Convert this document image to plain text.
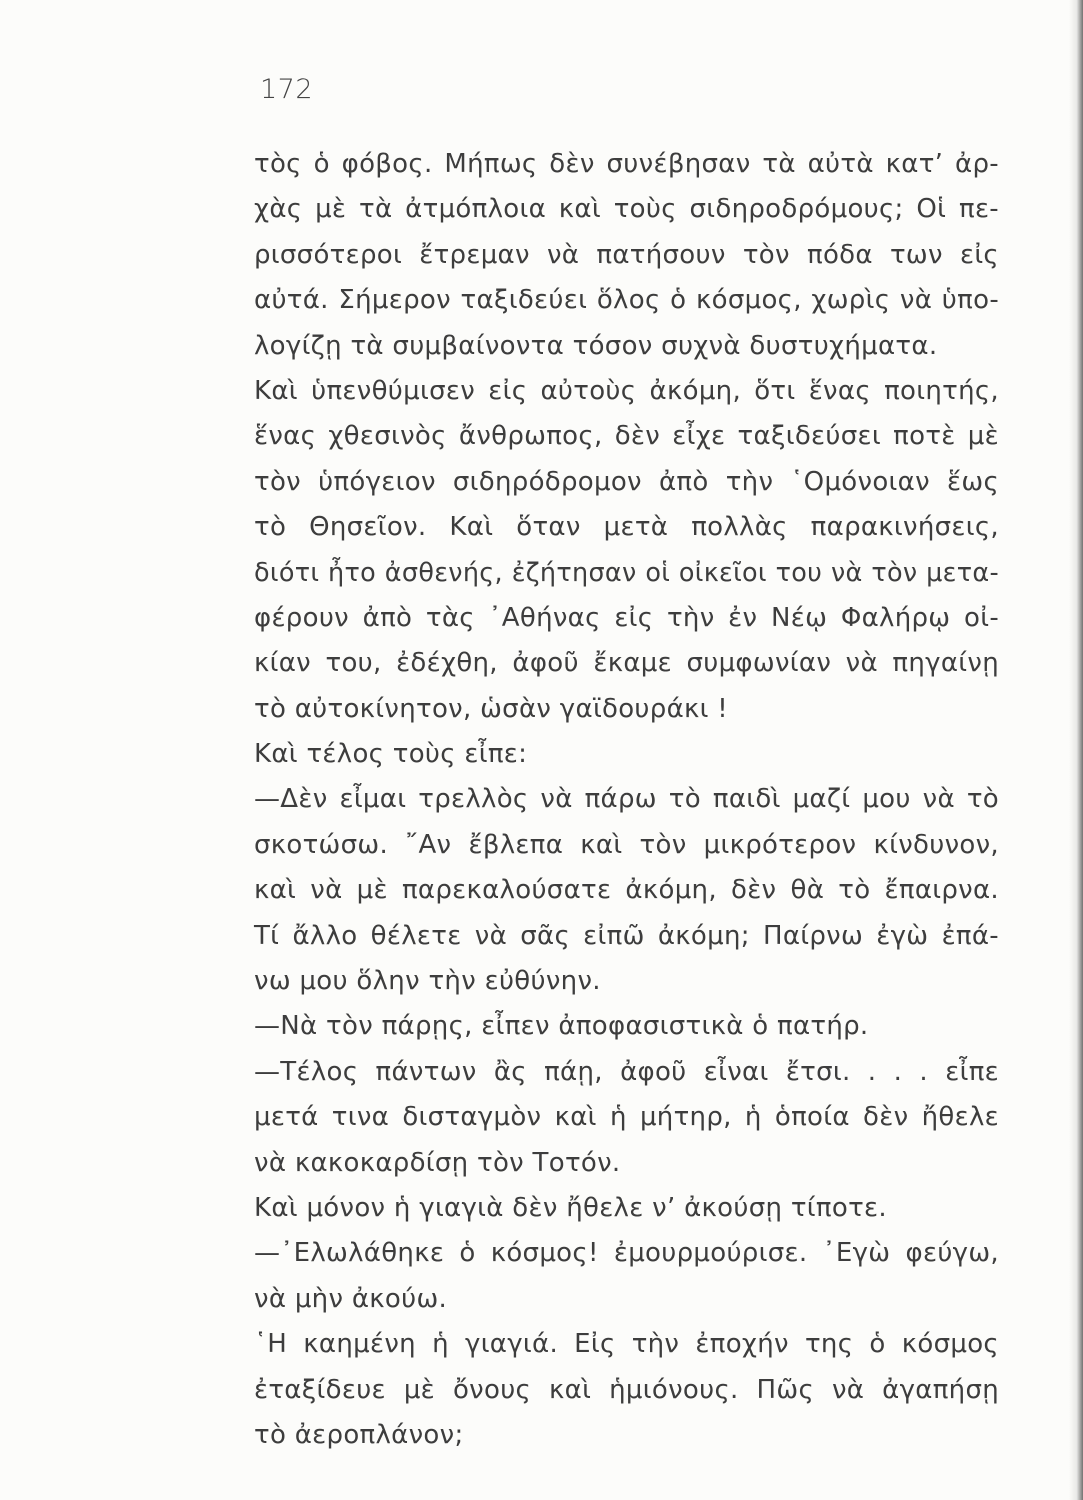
172
τὸς ὁ φόβος. Μήπως δὲν συνέβησαν τὰ αὐτὰ κατ’ ἀρ-
χὰς μὲ τὰ ἀτμόπλοια καὶ τοὺς σιδηροδρόμους; Οἱ πε-
ρισσότεροι ἔτρεμαν νὰ πατήσουν τὸν πόδα των εἰς
αὐτά. Σήμερον ταξιδεύει ὅλος ὁ κόσμος, χωρὶς νὰ ὑπο-
λογίζῃ τὰ συμβαίνοντα τόσον συχνὰ δυστυχήματα.
Καὶ ὑπενθύμισεν εἰς αὐτοὺς ἀκόμη, ὅτι ἕνας ποιητής,
ἕνας χθεσινὸς ἄνθρωπος, δὲν εἶχε ταξιδεύσει ποτὲ μὲ
τὸν ὑπόγειον σιδηρόδρομον ἀπὸ τὴν ῾Ομόνοιαν ἕως
τὸ Θησεῖον. Καὶ ὅταν μετὰ πολλὰς παρακινήσεις,
διότι ἦτο ἀσθενής, ἐζήτησαν οἱ οἰκεῖοι του νὰ τὸν μετα-
φέρουν ἀπὸ τὰς ᾿Αθήνας εἰς τὴν ἐν Νέῳ Φαλήρῳ οἰ-
κίαν του, ἐδέχθη, ἀφοῦ ἔκαμε συμφωνίαν νὰ πηγαίνῃ
τὸ αὐτοκίνητον, ὡσὰν γαϊδουράκι !
Καὶ τέλος τοὺς εἶπε:
—Δὲν εἶμαι τρελλὸς νὰ πάρω τὸ παιδὶ μαζί μου νὰ τὸ
σκοτώσω. ῎Αν ἔβλεπα καὶ τὸν μικρότερον κίνδυνον,
καὶ νὰ μὲ παρεκαλούσατε ἀκόμη, δὲν θὰ τὸ ἔπαιρνα.
Τί ἄλλο θέλετε νὰ σᾶς εἰπῶ ἀκόμη; Παίρνω ἐγὼ ἐπά-
νω μου ὅλην τὴν εὐθύνην.
—Νὰ τὸν πάρῃς, εἶπεν ἀποφασιστικὰ ὁ πατήρ.
—Τέλος πάντων ἂς πάῃ, ἀφοῦ εἶναι ἔτσι. . . . εἶπε
μετά τινα δισταγμὸν καὶ ἡ μήτηρ, ἡ ὁποία δὲν ἤθελε
νὰ κακοκαρδίσῃ τὸν Τοτόν.
Καὶ μόνον ἡ γιαγιὰ δὲν ἤθελε ν’ ἀκούσῃ τίποτε.
—᾿Ελωλάθηκε ὁ κόσμος! ἐμουρμούρισε. ᾿Εγὼ φεύγω,
νὰ μὴν ἀκούω.
῾Η καημένη ἡ γιαγιά. Εἰς τὴν ἐποχήν της ὁ κόσμος
ἐταξίδευε μὲ ὄνους καὶ ἡμιόνους. Πῶς νὰ ἀγαπήσῃ
τὸ ἀεροπλάνον;
